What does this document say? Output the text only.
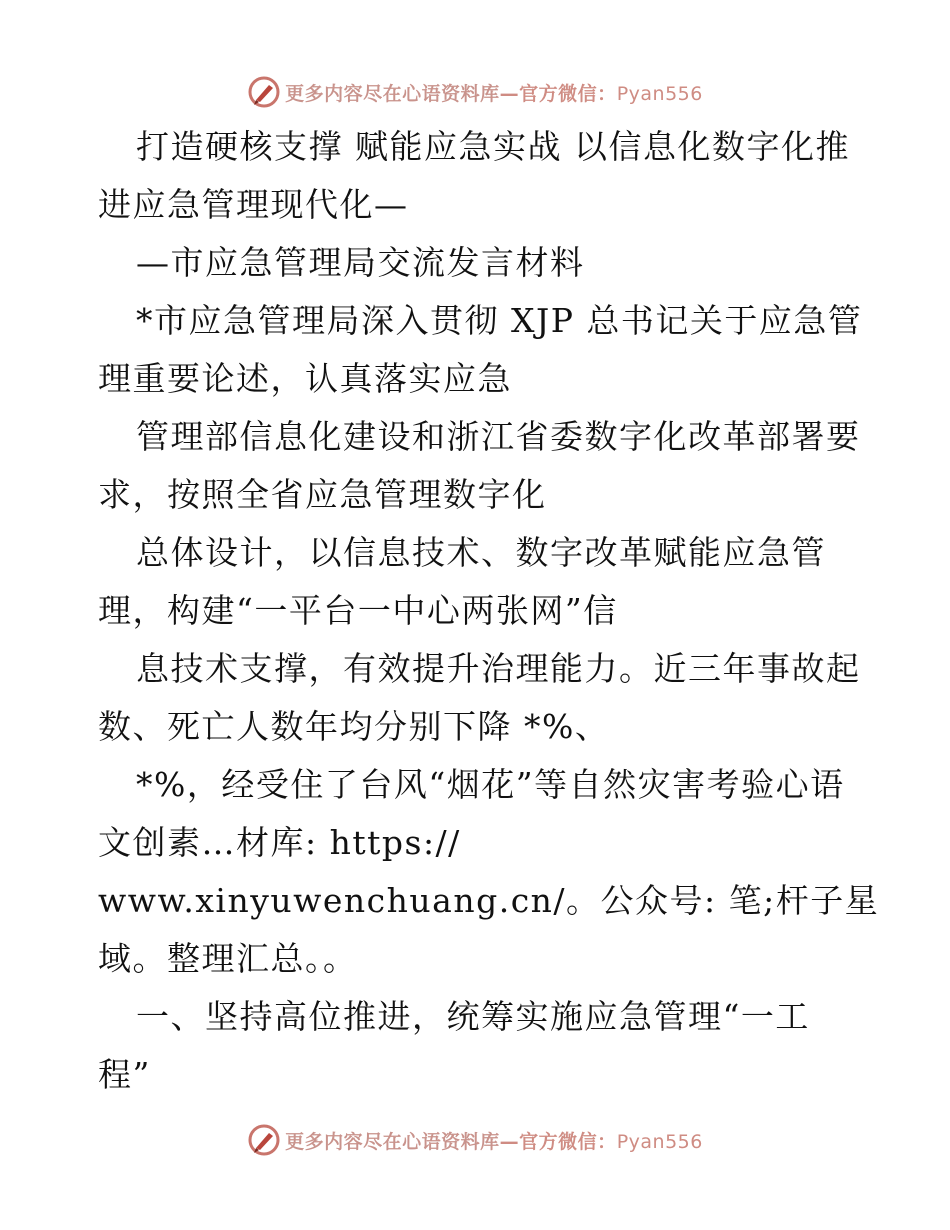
更多内容尽在心语资料库—官方微信：Pyan556
打造硬核支撑 赋能应急实战 以信息化数字化推
进应急管理现代化—
—市应急管理局交流发言材料
*市应急管理局深入贯彻 XJP 总书记关于应急管
理重要论述，认真落实应急
管理部信息化建设和浙江省委数字化改革部署要
求，按照全省应急管理数字化
总体设计，以信息技术、数字改革赋能应急管
理，构建“一平台一中心两张网”信
息技术支撑，有效提升治理能力。近三年事故起
数、死亡人数年均分别下降 *%、
*%，经受住了台风“烟花”等自然灾害考验心语
文创素…材库: https://
www.xinyuwenchuang.cn/。公众号: 笔;杆子星
域。整理汇总。。
一、坚持高位推进，统筹实施应急管理“一工
程”
更多内容尽在心语资料库—官方微信：Pyan556
